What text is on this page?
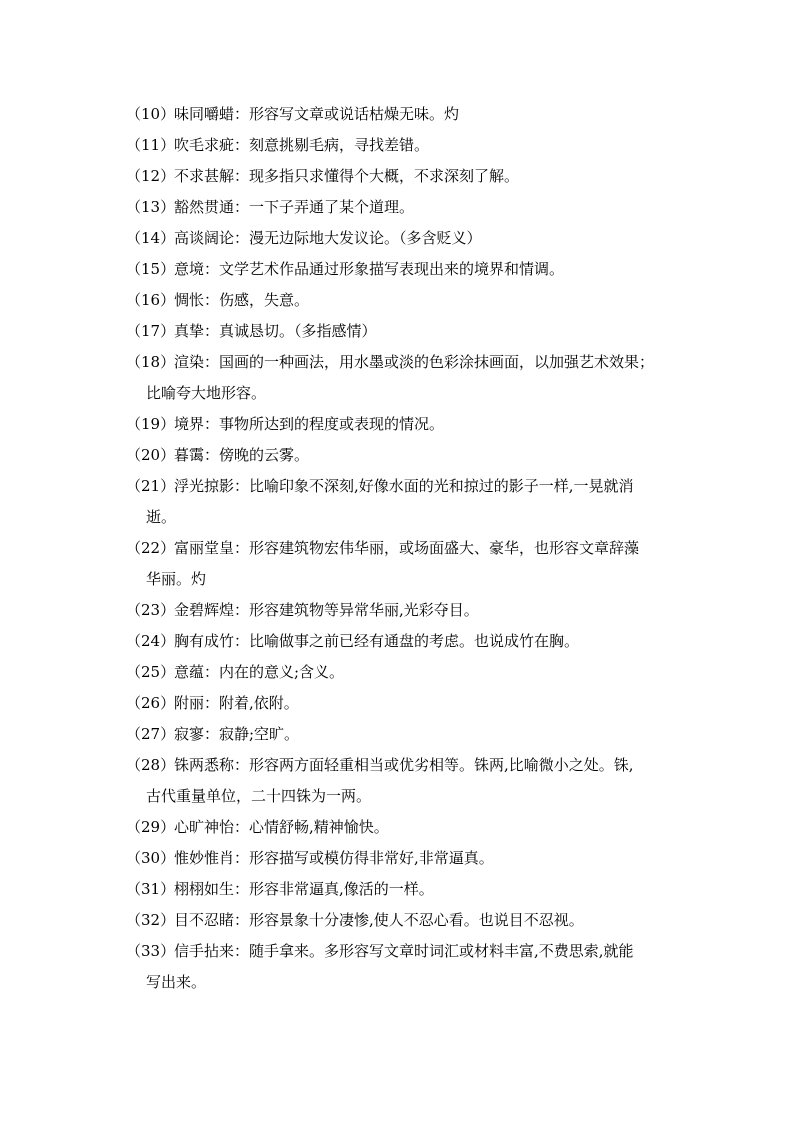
（10）味同嚼蜡：形容写文章或说话枯燥无味。灼
（11）吹毛求疵：刻意挑剔毛病，寻找差错。
（12）不求甚解：现多指只求懂得个大概，不求深刻了解。
（13）豁然贯通：一下子弄通了某个道理。
（14）高谈阔论：漫无边际地大发议论。（多含贬义）
（15）意境：文学艺术作品通过形象描写表现出来的境界和情调。
（16）惆怅：伤感，失意。
（17）真挚：真诚恳切。（多指感情）
（18）渲染：国画的一种画法，用水墨或淡的色彩涂抹画面，以加强艺术效果；
比喻夸大地形容。
（19）境界：事物所达到的程度或表现的情况。
（20）暮霭：傍晚的云雾。
（21）浮光掠影：比喻印象不深刻,好像水面的光和掠过的影子一样,一晃就消
逝。
（22）富丽堂皇：形容建筑物宏伟华丽，或场面盛大、豪华，也形容文章辞藻
华丽。灼
（23）金碧辉煌：形容建筑物等异常华丽,光彩夺目。
（24）胸有成竹：比喻做事之前已经有通盘的考虑。也说成竹在胸。
（25）意蕴：内在的意义;含义。
（26）附丽：附着,依附。
（27）寂寥：寂静;空旷。
（28）铢两悉称：形容两方面轻重相当或优劣相等。铢两,比喻微小之处。铢,
古代重量单位，二十四铢为一两。
（29）心旷神怡：心情舒畅,精神愉快。
（30）惟妙惟肖：形容描写或模仿得非常好,非常逼真。
（31）栩栩如生：形容非常逼真,像活的一样。
（32）目不忍睹：形容景象十分凄惨,使人不忍心看。也说目不忍视。
（33）信手拈来：随手拿来。多形容写文章时词汇或材料丰富,不费思索,就能
写出来。
